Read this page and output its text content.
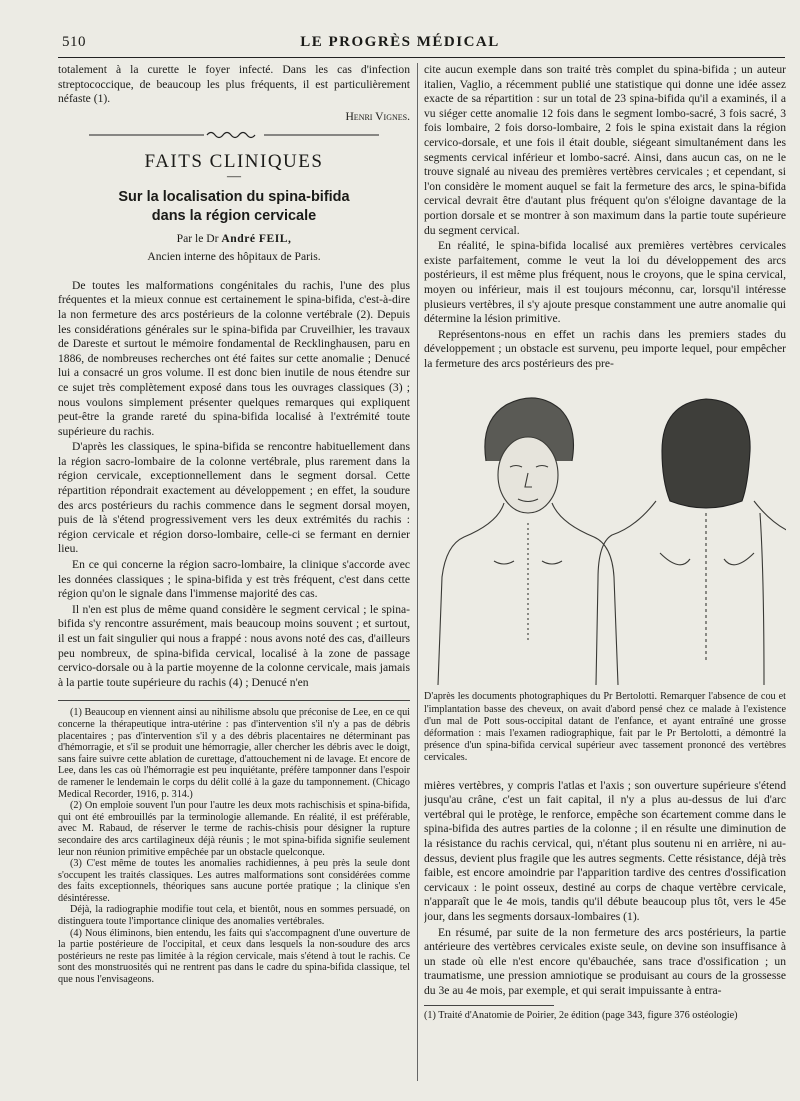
510	LE PROGRÈS MÉDICAL

totalement à la curette le foyer infecté. Dans les cas d'infection streptococcique, de beaucoup les plus fréquents, il est particulièrement néfaste (1).

Henri Vignes.
FAITS CLINIQUES
—
Sur la localisation du spina-bifida
dans la région cervicale
Par le Dr André FEIL,
Ancien interne des hôpitaux de Paris.

De toutes les malformations congénitales du rachis, l'une des plus fréquentes et la mieux connue est certainement le spina-bifida, c'est-à-dire la non fermeture des arcs postérieurs de la colonne vertébrale (2). Depuis les considérations générales sur le spina-bifida par Cruveilhier, les travaux de Dareste et surtout le mémoire fondamental de Recklinghausen, paru en 1886, de nombreuses recherches ont été faites sur cette anomalie ; Denucé lui a consacré un gros volume. Il est donc bien inutile de nous étendre sur ce sujet très complètement exposé dans tous les ouvrages classiques (3) ; nous voulons simplement présenter quelques remarques qui expliquent peut-être la grande rareté du spina-bifida localisé à l'extrémité toute supérieure du rachis.

D'après les classiques, le spina-bifida se rencontre habituellement dans la région sacro-lombaire de la colonne vertébrale, plus rarement dans la région cervicale, exceptionnellement dans le segment dorsal. Cette répartition répondrait exactement au développement ; en effet, la soudure des arcs postérieurs du rachis commence dans le segment dorsal moyen, puis de là s'étend progressivement vers les deux extrémités du rachis : région cervicale et région dorso-lombaire, celle-ci se fermant en dernier lieu.

En ce qui concerne la région sacro-lombaire, la clinique s'accorde avec les données classiques ; le spina-bifida y est très fréquent, c'est dans cette région qu'on le signale dans l'immense majorité des cas.

Il n'en est plus de même quand considère le segment cervical ; le spina-bifida s'y rencontre assurément, mais beaucoup moins souvent ; et surtout, il est un fait singulier qui nous a frappé : nous avons noté des cas, d'ailleurs peu nombreux, de spina-bifida cervical, localisé à la zone de passage cervico-dorsale ou à la partie moyenne de la colonne cervicale, mais jamais à la partie toute supérieure du rachis (4) ; Denucé n'en

(1) Beaucoup en viennent ainsi au nihilisme absolu que préconise de Lee, en ce qui concerne la thérapeutique intra-utérine : pas d'intervention s'il n'y a pas de débris placentaires ; pas d'intervention s'il y a des débris placentaires ne déterminant pas d'hémorragie, et s'il se produit une hémorragie, aller chercher les débris avec le doigt, sans faire suivre cette ablation de curettage, d'attouchement ni de lavage. Et encore de Lee, dans les cas où l'hémorragie est peu inquiétante, préfère tamponner dans l'espoir de ramener le lendemain le corps du délit collé à la gaze du tamponnement. (Chicago Medical Recorder, 1916, p. 314.)

(2) On emploie souvent l'un pour l'autre les deux mots rachischisis et spina-bifida, qui ont été embrouillés par la terminologie allemande. En réalité, il est préférable, avec M. Rabaud, de réserver le terme de rachis-chisis pour désigner la rupture secondaire des arcs cartilagineux déjà réunis ; le mot spina-bifida signifie seulement leur non réunion primitive empêchée par un obstacle quelconque.

(3) C'est même de toutes les anomalies rachidiennes, à peu près la seule dont s'occupent les traités classiques. Les autres malformations sont considérées comme des faits exceptionnels, théoriques sans aucune portée pratique ; la clinique s'en désintéresse.

Déjà, la radiographie modifie tout cela, et bientôt, nous en sommes persuadé, on distinguera toute l'importance clinique des anomalies vertébrales.

(4) Nous éliminons, bien entendu, les faits qui s'accompagnent d'une ouverture de la partie postérieure de l'occipital, et ceux dans lesquels la non-soudure des arcs postérieurs ne reste pas limitée à la région cervicale, mais s'étend à tout le rachis. Ce sont des monstruosités qui ne rentrent pas dans le cadre du spina-bifida classique, tel que nous l'envisageons.

cite aucun exemple dans son traité très complet du spina-bifida ; un auteur italien, Vaglio, a récemment publié une statistique qui donne une idée assez exacte de sa répartition : sur un total de 23 spina-bifida qu'il a examinés, il a vu siéger cette anomalie 12 fois dans le segment lombo-sacré, 3 fois sacré, 3 fois lombaire, 2 fois dorso-lombaire, 2 fois le spina existait dans la région cervico-dorsale, et une fois il était double, siégeant simultanément dans les segments cervical inférieur et lombo-sacré. Ainsi, dans aucun cas, on ne le trouve signalé au niveau des premières vertèbres cervicales ; et cependant, si l'on considère le moment auquel se fait la fermeture des arcs, le spina-bifida cervical devrait être d'autant plus fréquent qu'on s'éloigne davantage de la portion dorsale et se montrer à son maximum dans la partie toute supérieure du segment cervical.

En réalité, le spina-bifida localisé aux premières vertèbres cervicales existe parfaitement, comme le veut la loi du développement des arcs postérieurs, il est même plus fréquent, nous le croyons, que le spina cervical, moyen ou inférieur, mais il est toujours méconnu, car, lorsqu'il intéresse plusieurs vertèbres, il s'y ajoute presque constamment une autre anomalie qui détermine la lésion primitive.

Représentons-nous en effet un rachis dans les premiers stades du développement ; un obstacle est survenu, peu importe lequel, pour empêcher la fermeture des arcs postérieurs des pre-

D'après les documents photographiques du Pr Bertolotti. Remarquer l'absence de cou et l'implantation basse des cheveux, on avait d'abord pensé chez ce malade à l'existence d'un mal de Pott sous-occipital datant de l'enfance, et ayant entraîné une grosse déformation : mais l'examen radiographique, fait par le Pr Bertolotti, a démontré la présence d'un spina-bifida cervical supérieur avec tassement prononcé des vertèbres cervicales.

mières vertèbres, y compris l'atlas et l'axis ; son ouverture supérieure s'étend jusqu'au crâne, c'est un fait capital, il n'y a plus au-dessus de lui d'arc vertébral qui le protège, le renforce, empêche son écartement comme dans le spina-bifida des autres parties de la colonne ; il en résulte une diminution de la résistance du rachis cervical, qui, n'étant plus soutenu ni en arrière, ni au-dessus, devient plus fragile que les autres segments. Cette résistance, déjà très faible, est encore amoindrie par l'apparition tardive des centres d'ossification cervicaux : le point osseux, destiné au corps de chaque vertèbre cervicale, n'apparaît que le 4e mois, tandis qu'il débute beaucoup plus tôt, vers le 45e jour, dans les segments dorsaux-lombaires (1).

En résumé, par suite de la non fermeture des arcs postérieurs, la partie antérieure des vertèbres cervicales existe seule, on devine son insuffisance à un stade où elle n'est encore qu'ébauchée, sans trace d'ossification ; un traumatisme, une pression amniotique se produisant au cours de la grossesse du 3e au 4e mois, par exemple, et qui serait impuissante à entra-

(1) Traité d'Anatomie de Poirier, 2e édition (page 343, figure 376 ostéologie)
